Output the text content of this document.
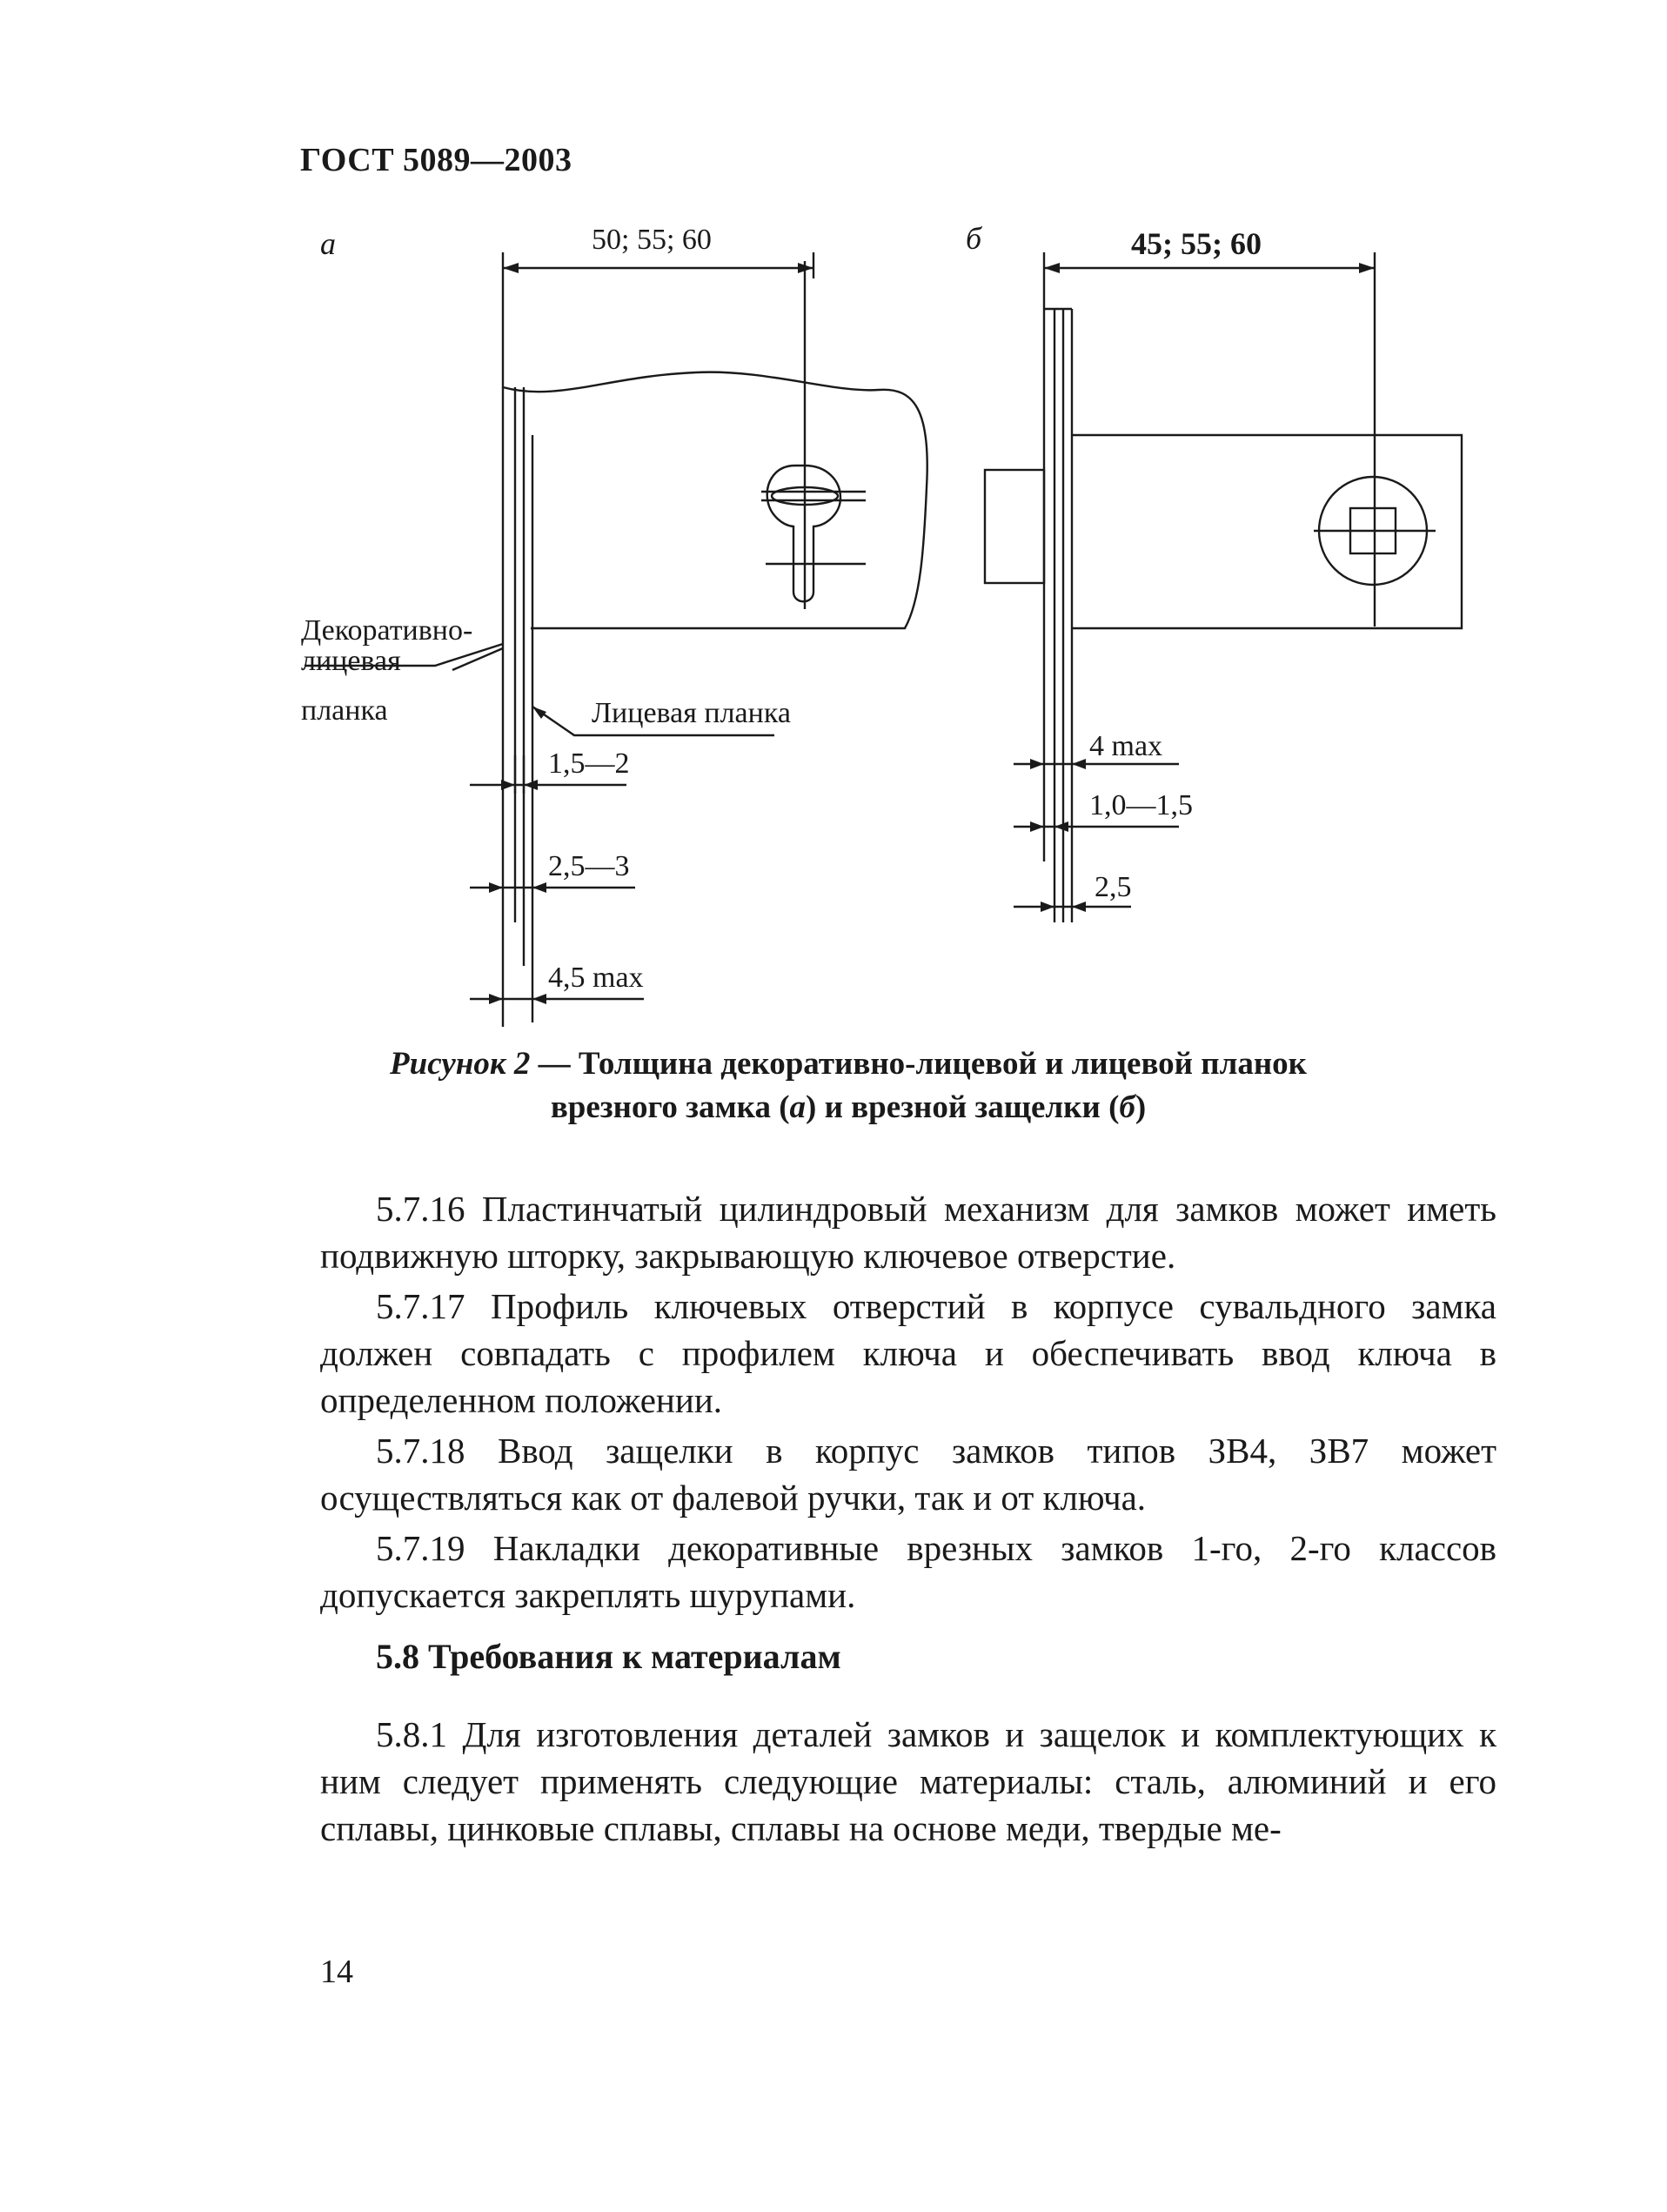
ГОСТ 5089—2003
а	50; 55; 60
Декоративно-
лицевая
планка	Лицевая планка
1,5—2
2,5—3
4,5 max
б	45; 55; 60
4 max
1,0—1,5
2,5
Рисунок 2 — Толщина декоративно-лицевой и лицевой планок
врезного замка (а) и врезной защелки (б)

5.7.16 Пластинчатый цилиндровый механизм для замков может иметь подвижную шторку, закрывающую ключевое отверстие.

5.7.17 Профиль ключевых отверстий в корпусе сувальдного замка должен совпадать с профилем ключа и обеспечивать ввод ключа в определенном положении.

5.7.18 Ввод защелки в корпус замков типов ЗВ4, ЗВ7 может осуществляться как от фалевой ручки, так и от ключа.

5.7.19 Накладки декоративные врезных замков 1-го, 2-го классов допускается закреплять шурупами.

5.8 Требования к материалам

5.8.1 Для изготовления деталей замков и защелок и комплектующих к ним следует применять следующие материалы: сталь, алюминий и его сплавы, цинковые сплавы, сплавы на основе меди, твердые ме-

14
